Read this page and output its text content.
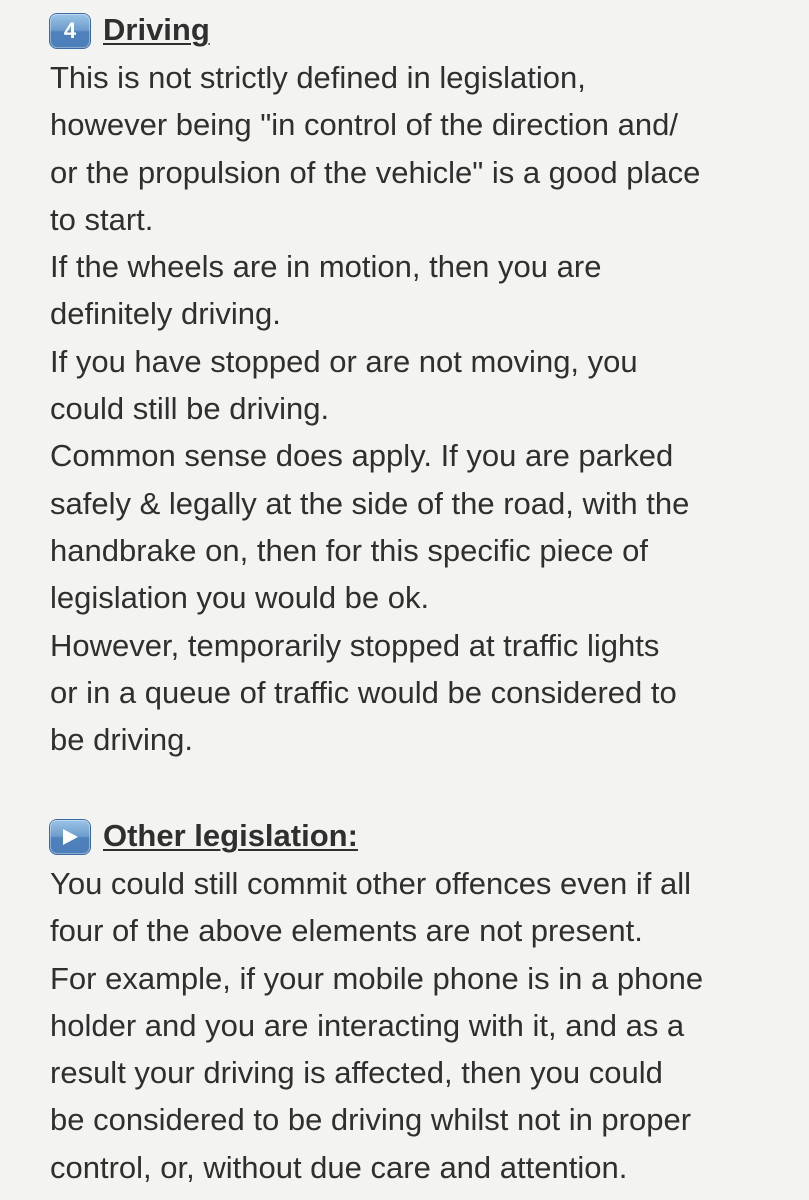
4 Driving

This is not strictly defined in legislation,

however being "in control of the direction and/

or the propulsion of the vehicle" is a good place

to start.

If the wheels are in motion, then you are

definitely driving.

If you have stopped or are not moving, you

could still be driving.

Common sense does apply. If you are parked

safely & legally at the side of the road, with the

handbrake on, then for this specific piece of

legislation you would be ok.

However, temporarily stopped at traffic lights

or in a queue of traffic would be considered to

be driving.

Other legislation:

You could still commit other offences even if all

four of the above elements are not present.

For example, if your mobile phone is in a phone

holder and you are interacting with it, and as a

result your driving is affected, then you could

be considered to be driving whilst not in proper

control, or, without due care and attention.
